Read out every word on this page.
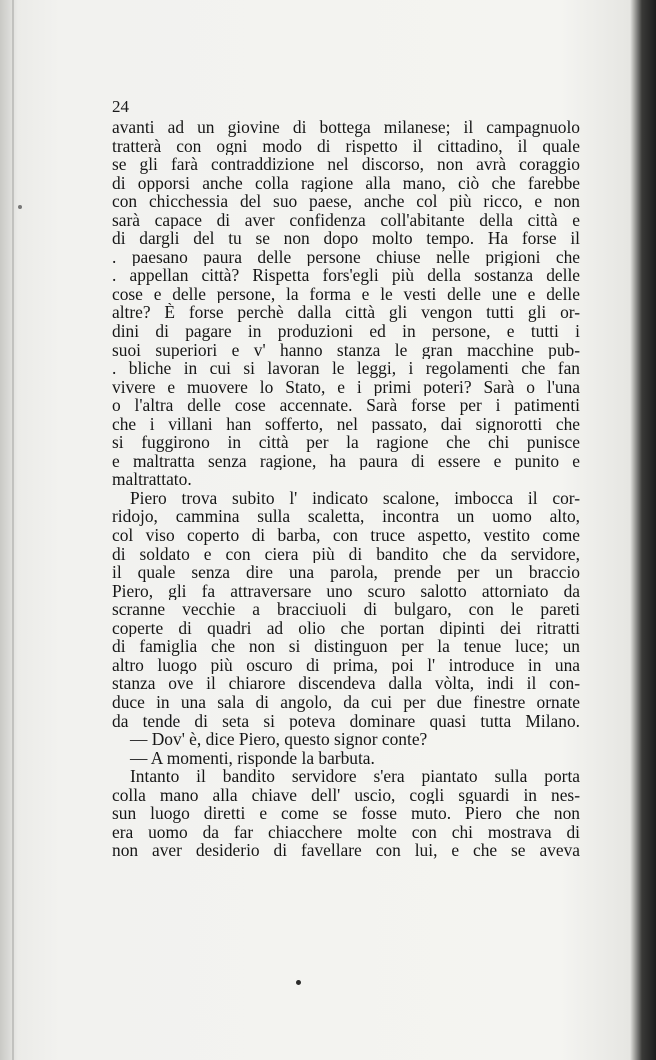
24
avanti ad un giovine di bottega milanese; il campagnuolo
tratterà con ogni modo di rispetto il cittadino, il quale
se gli farà contraddizione nel discorso, non avrà coraggio
di opporsi anche colla ragione alla mano, ciò che farebbe
con chicchessia del suo paese, anche col più ricco, e non
sarà capace di aver confidenza coll'abitante della città e
di dargli del tu se non dopo molto tempo. Ha forse il
. paesano paura delle persone chiuse nelle prigioni che
. appellan città? Rispetta fors'egli più della sostanza delle
cose e delle persone, la forma e le vesti delle une e delle
altre? È forse perchè dalla città gli vengon tutti gli or-
dini di pagare in produzioni ed in persone, e tutti i
suoi superiori e v' hanno stanza le gran macchine pub-
. bliche in cui si lavoran le leggi, i regolamenti che fan
vivere e muovere lo Stato, e i primi poteri? Sarà o l'una
o l'altra delle cose accennate. Sarà forse per i patimenti
che i villani han sofferto, nel passato, dai signorotti che
si fuggirono in città per la ragione che chi punisce
e maltratta senza ragione, ha paura di essere e punito e
maltrattato.
Piero trova subito l' indicato scalone, imbocca il cor-
ridojo, cammina sulla scaletta, incontra un uomo alto,
col viso coperto di barba, con truce aspetto, vestito come
di soldato e con ciera più di bandito che da servidore,
il quale senza dire una parola, prende per un braccio
Piero, gli fa attraversare uno scuro salotto attorniato da
scranne vecchie a bracciuoli di bulgaro, con le pareti
coperte di quadri ad olio che portan dipinti dei ritratti
di famiglia che non si distinguon per la tenue luce; un
altro luogo più oscuro di prima, poi l' introduce in una
stanza ove il chiarore discendeva dalla vòlta, indi il con-
duce in una sala di angolo, da cui per due finestre ornate
da tende di seta si poteva dominare quasi tutta Milano.
— Dov' è, dice Piero, questo signor conte?
— A momenti, risponde la barbuta.
Intanto il bandito servidore s'era piantato sulla porta
colla mano alla chiave dell' uscio, cogli sguardi in nes-
sun luogo diretti e come se fosse muto. Piero che non
era uomo da far chiacchere molte con chi mostrava di
non aver desiderio di favellare con lui, e che se aveva
